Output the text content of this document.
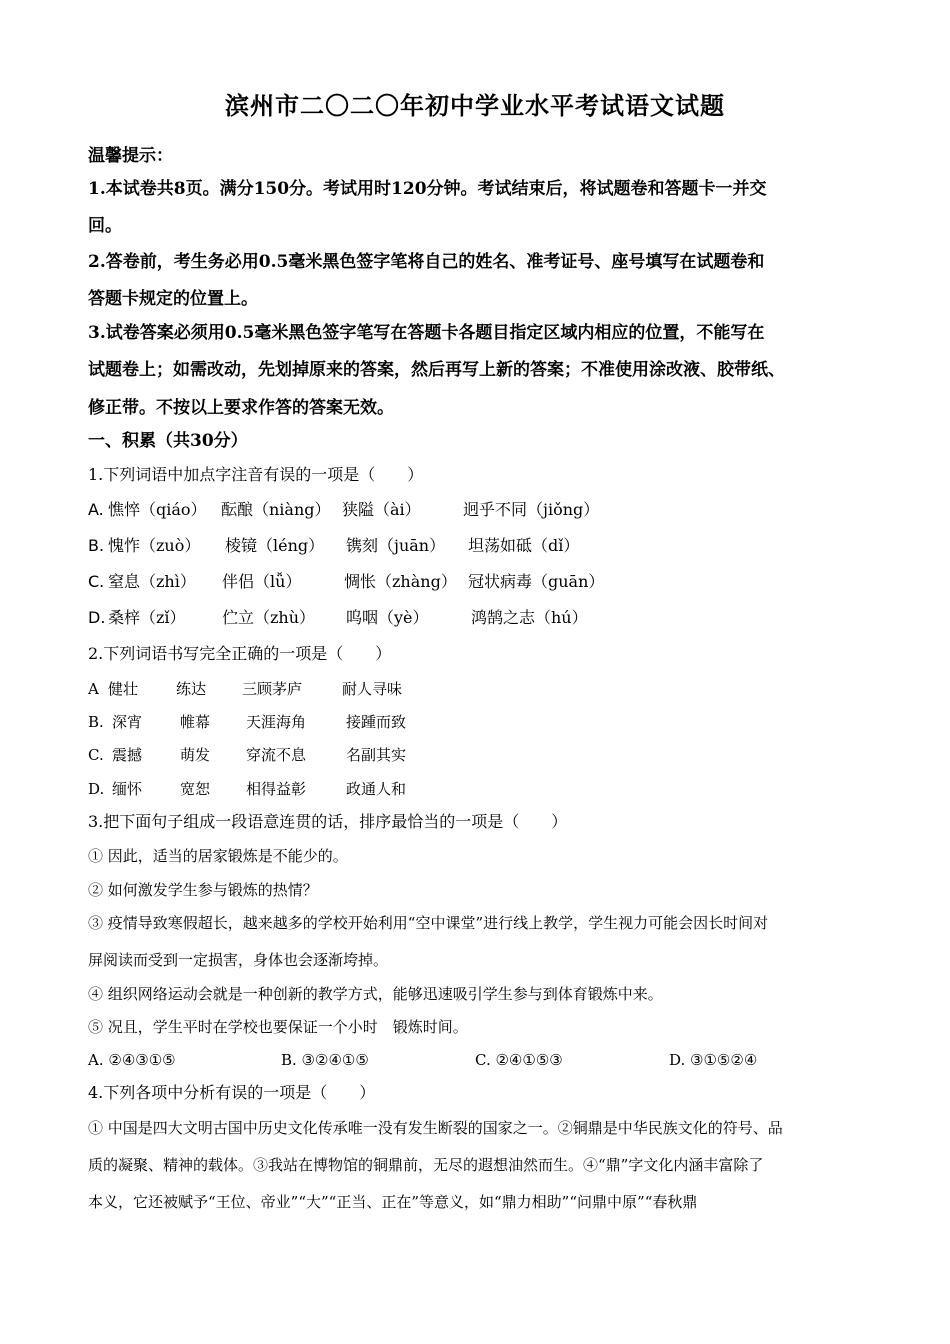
滨州市二〇二〇年初中学业水平考试语文试题
温馨提示：
1.本试卷共8页。满分150分。考试用时120分钟。考试结束后，将试题卷和答题卡一并交
回。
2.答卷前，考生务必用0.5毫米黑色签字笔将自己的姓名、准考证号、座号填写在试题卷和
答题卡规定的位置上。
3.试卷答案必须用0.5毫米黑色签字笔写在答题卡各题目指定区域内相应的位置，不能写在
试题卷上；如需改动，先划掉原来的答案，然后再写上新的答案；不准使用涂改液、胶带纸、
修正带。不按以上要求作答的答案无效。
一、积累（共30分）
1.下列词语中加点字注音有误的一项是（　　）
A. 憔悴（qiáo） 酝酿（niàng） 狭隘（ài）	迥乎不同（jiǒng）
B. 愧怍（zuò） 棱镜（léng） 镌刻（juān） 坦荡如砥（dǐ）
C. 窒息（zhì） 伴侣（lǚ）	惆怅（zhàng） 冠状病毒（guān）
D. 桑梓（zǐ） 伫立（zhù） 呜咽（yè）	鸿鹄之志（hú）
2.下列词语书写完全正确的一项是（　　）
A 健壮	练达 三顾茅庐	耐人寻味
B. 深宵	帷幕 天涯海角	接踵而致
C. 震撼	萌发 穿流不息	名副其实
D. 缅怀	宽恕 相得益彰	政通人和
3.把下面句子组成一段语意连贯的话，排序最恰当的一项是（　　）
① 因此，适当的居家锻炼是不能少的。
② 如何激发学生参与锻炼的热情？
③ 疫情导致寒假超长，越来越多的学校开始利用“空中课堂”进行线上教学，学生视力可能会因长时间对
屏阅读而受到一定损害，身体也会逐渐垮掉。
④ 组织网络运动会就是一种创新的教学方式，能够迅速吸引学生参与到体育锻炼中来。
⑤ 况且，学生平时在学校也要保证一个小时　锻炼时间。
A. ②④③①⑤	B. ③②④①⑤	C. ②④①⑤③	D. ③①⑤②④
4.下列各项中分析有误的一项是（　　）
① 中国是四大文明古国中历史文化传承唯一没有发生断裂的国家之一。②铜鼎是中华民族文化的符号、品
质的凝聚、精神的载体。③我站在博物馆的铜鼎前，无尽的遐想油然而生。④“鼎”字文化内涵丰富除了
本义，它还被赋予“王位、帝业”“大”“正当、正在”等意义，如“鼎力相助”“问鼎中原”“春秋鼎
